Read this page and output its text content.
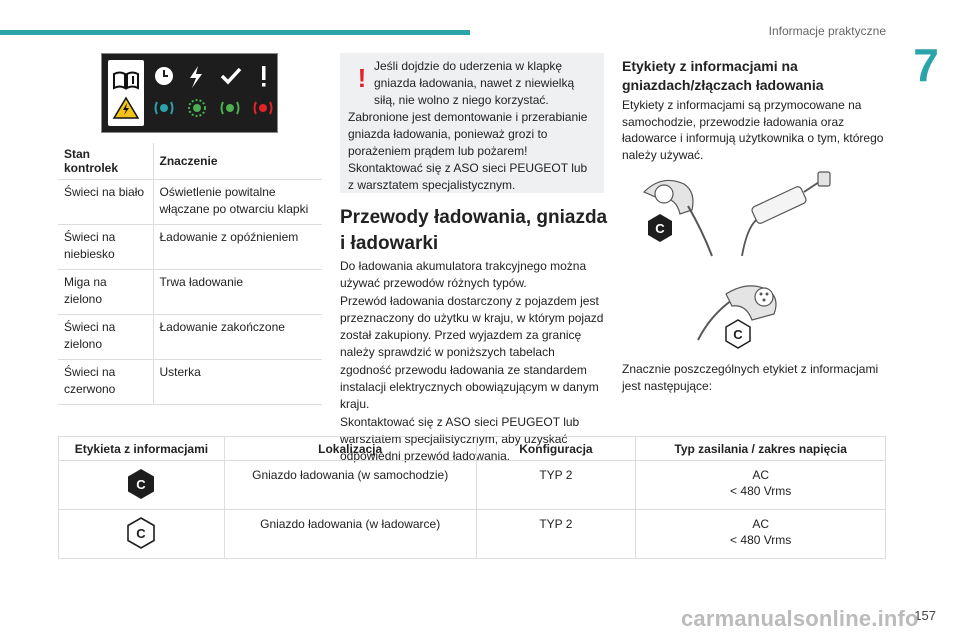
Informacje praktyczne
7
Stan kontrolek	Znaczenie
Świeci na biało	Oświetlenie powitalne włączane po otwarciu klapki
Świeci na niebiesko	Ładowanie z opóźnieniem
Miga na zielono	Trwa ładowanie
Świeci na zielono	Ładowanie zakończone
Świeci na czerwono	Usterka
! Jeśli dojdzie do uderzenia w klapkę gniazda ładowania, nawet z niewielką siłą, nie wolno z niego korzystać.
Zabronione jest demontowanie i przerabianie gniazda ładowania, ponieważ grozi to porażeniem prądem lub pożarem!
Skontaktować się z ASO sieci PEUGEOT lub z warsztatem specjalistycznym.
Przewody ładowania, gniazda i ładowarki

Do ładowania akumulatora trakcyjnego można używać przewodów różnych typów.

Przewód ładowania dostarczony z pojazdem jest przeznaczony do użytku w kraju, w którym pojazd został zakupiony. Przed wyjazdem za granicę należy sprawdzić w poniższych tabelach zgodność przewodu ładowania ze standardem instalacji elektrycznych obowiązującym w danym kraju.

Skontaktować się z ASO sieci PEUGEOT lub warsztatem specjalistycznym, aby uzyskać odpowiedni przewód ładowania.

Etykiety z informacjami na gniazdach/złączach ładowania
Etykiety z informacjami są przymocowane na samochodzie, przewodzie ładowania oraz ładowarce i informują użytkownika o tym, którego należy używać.
C
C
Znacznie poszczególnych etykiet z informacjami jest następujące:
Etykieta z informacjami	Lokalizacja	Konfiguracja	Typ zasilania / zakres napięcia

C	Gniazdo ładowania (w samochodzie)	TYP 2	AC
< 480 Vrms

C	Gniazdo ładowania (w ładowarce)	TYP 2	AC
< 480 Vrms
157
carmanualsonline.info
